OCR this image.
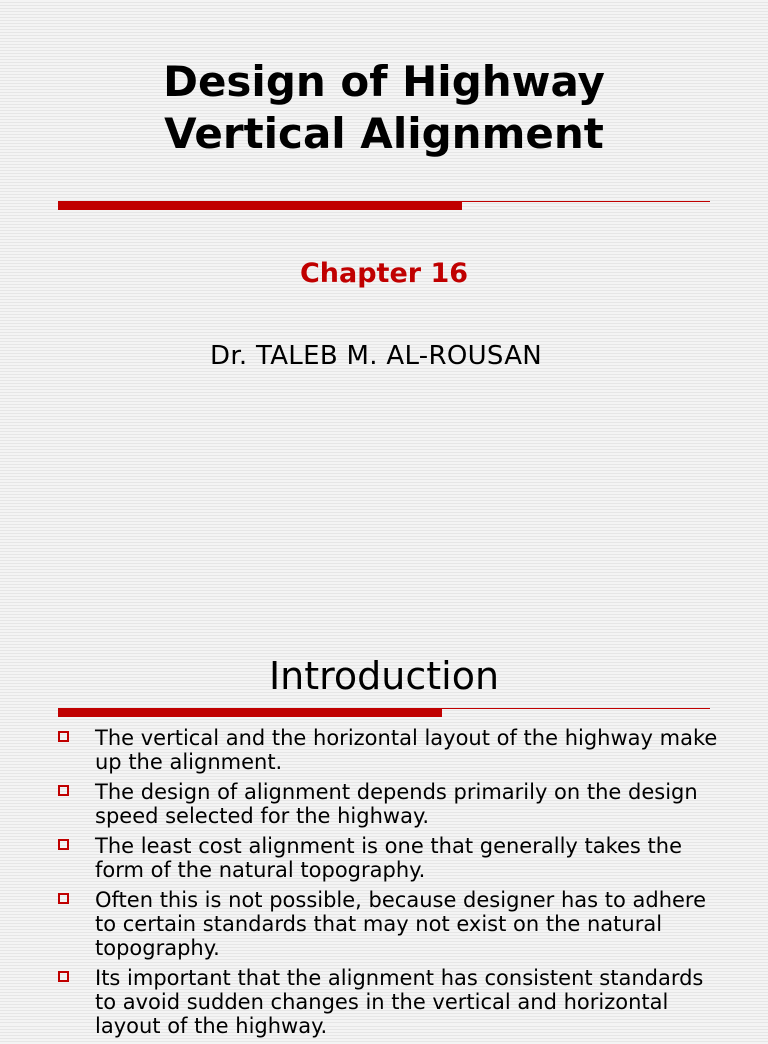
Design of Highway
Vertical Alignment
Chapter 16
Dr. TALEB M. AL-ROUSAN
Introduction
The vertical and the horizontal layout of the highway make up the alignment.
The design of alignment depends primarily on the design speed selected for the highway.
The least cost alignment is one that generally takes the form of the natural topography.
Often this is not possible, because designer has to adhere to certain standards that may not exist on the natural topography.
Its important that the alignment has consistent standards to avoid sudden changes in the vertical and horizontal layout of the highway.
